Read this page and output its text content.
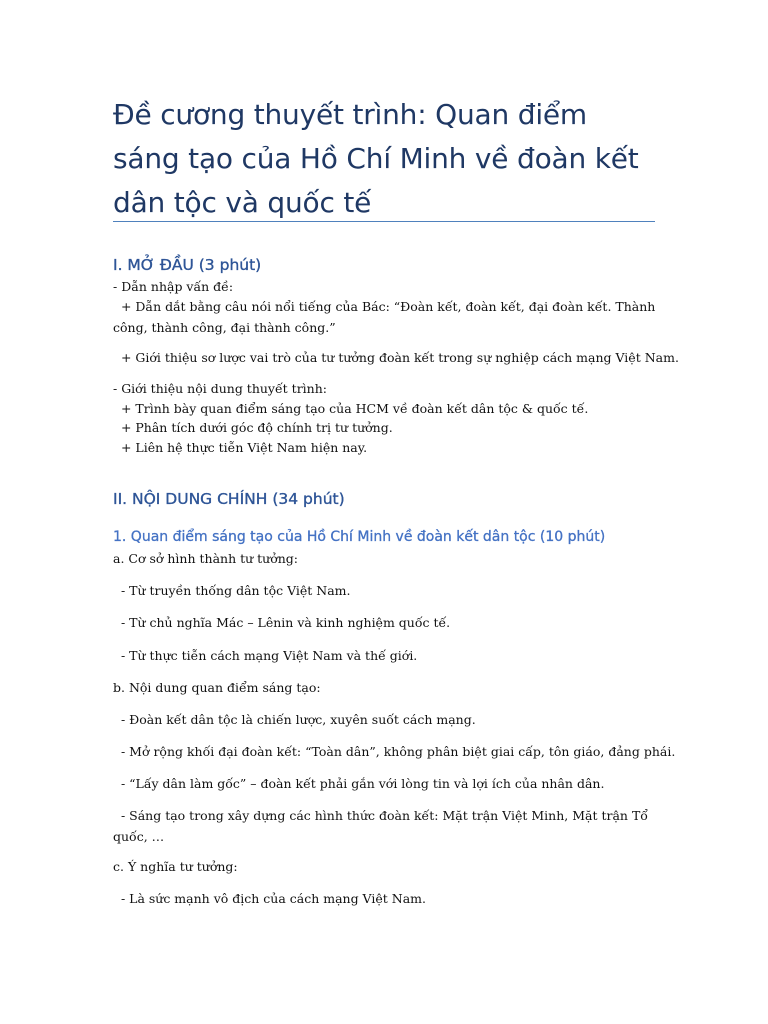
Đề cương thuyết trình: Quan điểm sáng tạo của Hồ Chí Minh về đoàn kết dân tộc và quốc tế
I. MỞ ĐẦU (3 phút)

- Dẫn nhập vấn đề:

+ Dẫn dắt bằng câu nói nổi tiếng của Bác: “Đoàn kết, đoàn kết, đại đoàn kết. Thành công, thành công, đại thành công.”

+ Giới thiệu sơ lược vai trò của tư tưởng đoàn kết trong sự nghiệp cách mạng Việt Nam.

- Giới thiệu nội dung thuyết trình:

+ Trình bày quan điểm sáng tạo của HCM về đoàn kết dân tộc & quốc tế.

+ Phân tích dưới góc độ chính trị tư tưởng.

+ Liên hệ thực tiễn Việt Nam hiện nay.

II. NỘI DUNG CHÍNH (34 phút)
1. Quan điểm sáng tạo của Hồ Chí Minh về đoàn kết dân tộc (10 phút)

a. Cơ sở hình thành tư tưởng:

- Từ truyền thống dân tộc Việt Nam.

- Từ chủ nghĩa Mác – Lênin và kinh nghiệm quốc tế.

- Từ thực tiễn cách mạng Việt Nam và thế giới.

b. Nội dung quan điểm sáng tạo:

- Đoàn kết dân tộc là chiến lược, xuyên suốt cách mạng.

- Mở rộng khối đại đoàn kết: “Toàn dân”, không phân biệt giai cấp, tôn giáo, đảng phái.

- “Lấy dân làm gốc” – đoàn kết phải gắn với lòng tin và lợi ích của nhân dân.

- Sáng tạo trong xây dựng các hình thức đoàn kết: Mặt trận Việt Minh, Mặt trận Tổ quốc, …

c. Ý nghĩa tư tưởng:

- Là sức mạnh vô địch của cách mạng Việt Nam.
